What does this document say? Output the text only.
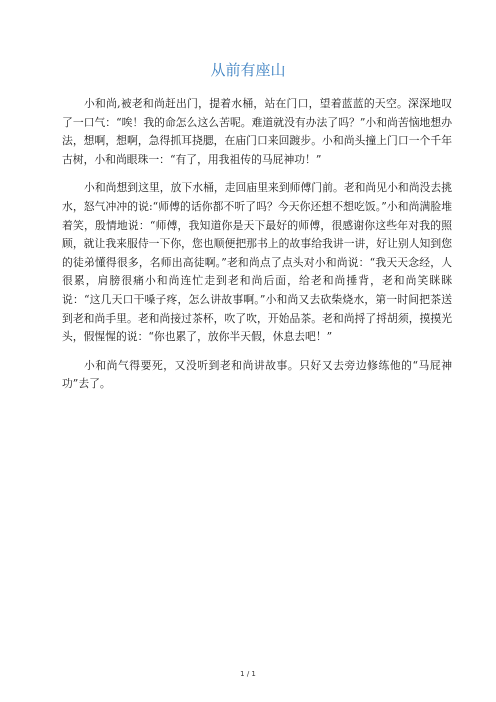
从前有座山

小和尚,被老和尚赶出门，提着水桶，站在门口，望着蓝蓝的天空。深深地叹了一口气：“唉！我的命怎么这么苦呢。难道就没有办法了吗？”小和尚苦恼地想办法，想啊，想啊，急得抓耳挠腮，在庙门口来回踱步。小和尚头撞上门口一个千年古树，小和尚眼珠一：“有了，用我祖传的马屁神功！”

小和尚想到这里，放下水桶，走回庙里来到师傅门前。老和尚见小和尚没去挑水，怒气冲冲的说:“师傅的话你都不听了吗？今天你还想不想吃饭。”小和尚满脸堆着笑，殷情地说：“师傅，我知道你是天下最好的师傅，很感谢你这些年对我的照顾，就让我来服侍一下你，您也顺便把那书上的故事给我讲一讲，好让别人知到您的徒弟懂得很多，名师出高徒啊。”老和尚点了点头对小和尚说：“我天天念经，人很累，肩膀很痛小和尚连忙走到老和尚后面，给老和尚捶背，老和尚笑眯眯说：“这几天口干嗓子疼，怎么讲故事啊。”小和尚又去砍柴烧水，第一时间把茶送到老和尚手里。老和尚接过茶杯，吹了吹，开始品茶。老和尚捋了捋胡须，摸摸光头，假惺惺的说：“你也累了，放你半天假，休息去吧！”

小和尚气得要死，又没听到老和尚讲故事。只好又去旁边修练他的“马屁神功”去了。

1 / 1
